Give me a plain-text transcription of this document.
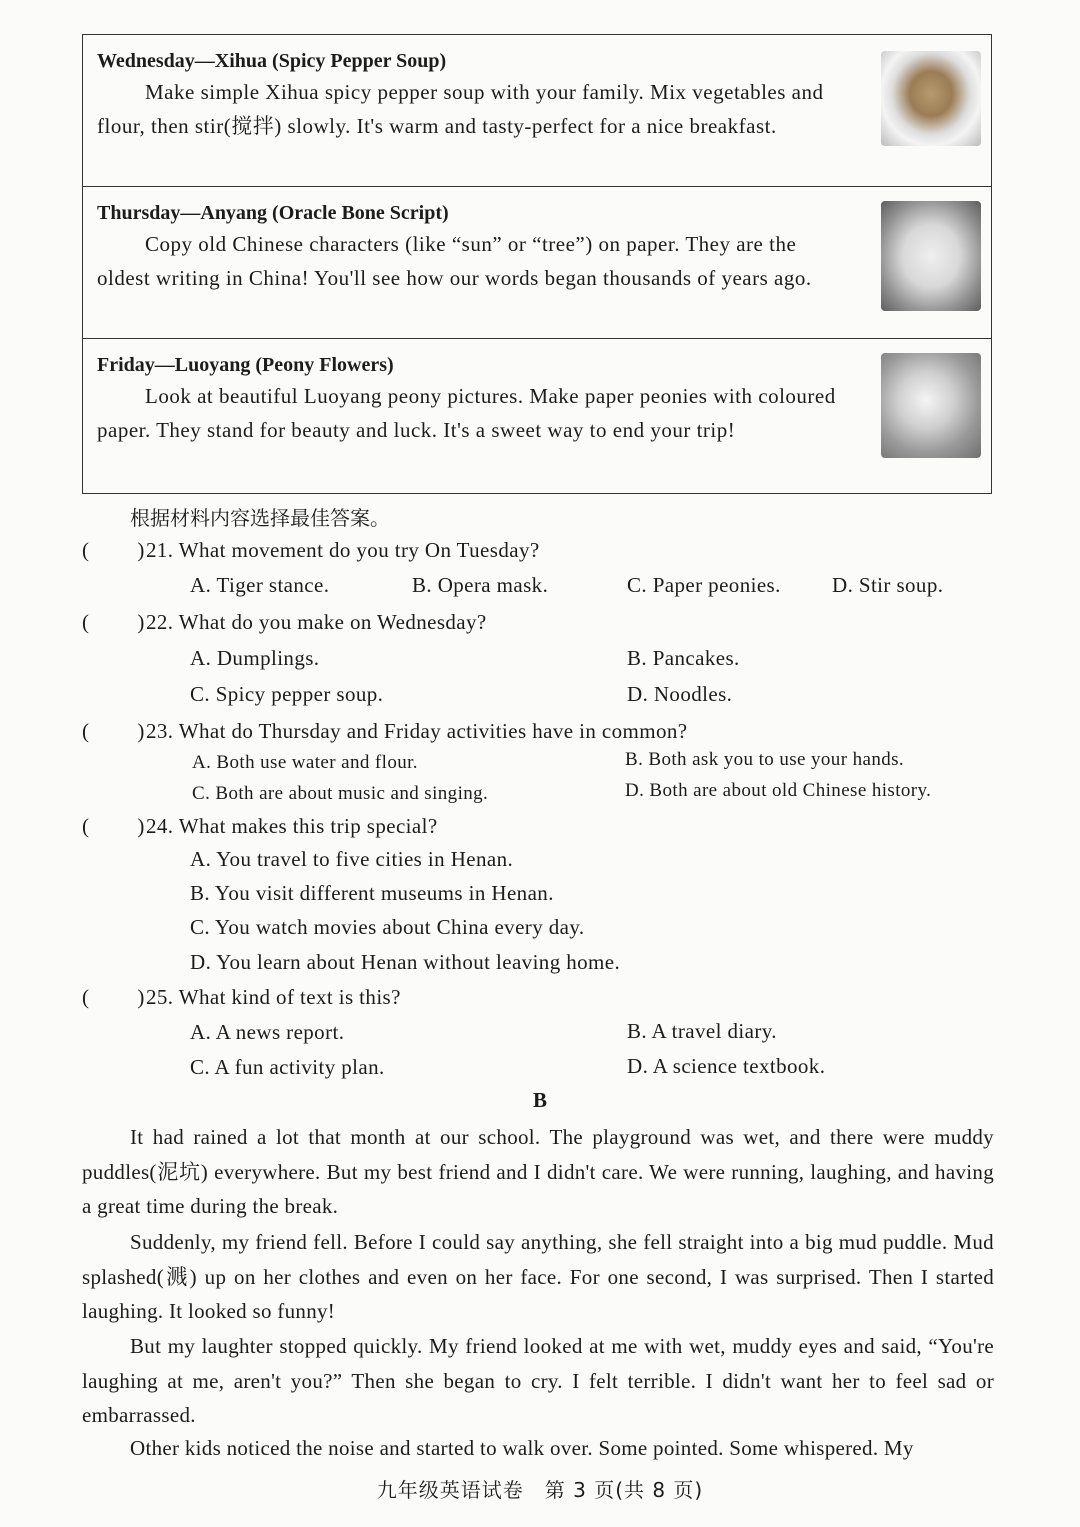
Wednesday—Xihua (Spicy Pepper Soup)
Make simple Xihua spicy pepper soup with your family. Mix vegetables and flour, then stir(搅拌) slowly. It's warm and tasty-perfect for a nice breakfast.
Thursday—Anyang (Oracle Bone Script)
Copy old Chinese characters (like “sun” or “tree”) on paper. They are the oldest writing in China! You'll see how our words began thousands of years ago.
Friday—Luoyang (Peony Flowers)
Look at beautiful Luoyang peony pictures. Make paper peonies with coloured paper. They stand for beauty and luck. It's a sweet way to end your trip!
根据材料内容选择最佳答案。
( )21. What movement do you try On Tuesday?
A. Tiger stance.	B. Opera mask.	C. Paper peonies. D. Stir soup.
( )22. What do you make on Wednesday?
A. Dumplings.	B. Pancakes.
C. Spicy pepper soup.	D. Noodles.
( )23. What do Thursday and Friday activities have in common?
A. Both use water and flour.	B. Both ask you to use your hands.
C. Both are about music and singing.	D. Both are about old Chinese history.
( )24. What makes this trip special?
A. You travel to five cities in Henan.
B. You visit different museums in Henan.
C. You watch movies about China every day.
D. You learn about Henan without leaving home.
( )25. What kind of text is this?
A. A news report.	B. A travel diary.
C. A fun activity plan.	D. A science textbook.
B
It had rained a lot that month at our school. The playground was wet, and there were muddy puddles(泥坑) everywhere. But my best friend and I didn't care. We were running, laughing, and having a great time during the break.
Suddenly, my friend fell. Before I could say anything, she fell straight into a big mud puddle. Mud splashed(溅) up on her clothes and even on her face. For one second, I was surprised. Then I started laughing. It looked so funny!
But my laughter stopped quickly. My friend looked at me with wet, muddy eyes and said, “You're laughing at me, aren't you?” Then she began to cry. I felt terrible. I didn't want her to feel sad or embarrassed.
Other kids noticed the noise and started to walk over. Some pointed. Some whispered. My
九年级英语试卷　第 3 页(共 8 页)
